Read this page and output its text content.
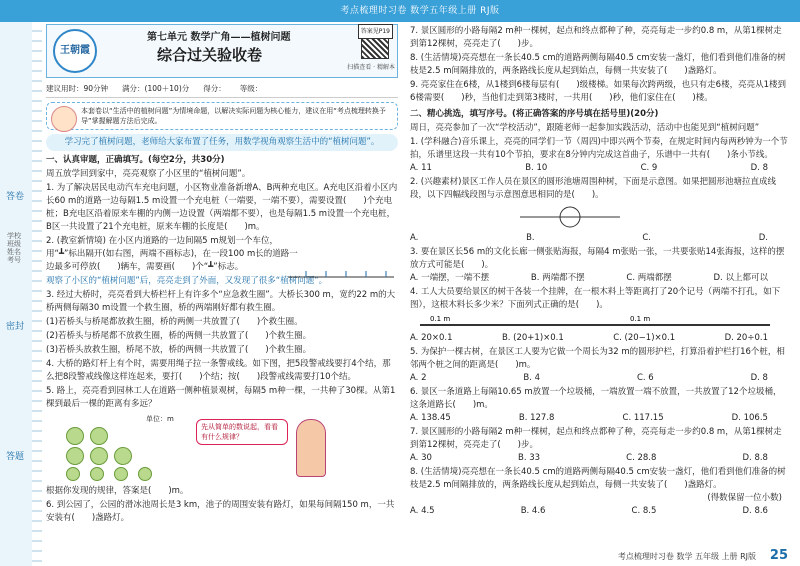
考点梳理时习卷 数学五年级上册 RJ版
答卷
密封
答题
学校 班级 姓名 考号
王朝霞
第七单元 数学广角——植树问题
综合过关验收卷
答案见P19
扫描查看 · 精解本
建议用时：90分钟 满分：(100＋10)分 得分： 等级：
本套卷以“生活中的植树问题”为情境命题，以解决实际问题为核心能力，建议在用“考点梳理转换予导”掌握解题方法后完成。
学习完了植树问题，老师给大家布置了任务，用数学视角观察生活中的“植树问题”。
一、认真审题，正确填写。(每空2分，共30分)
周五放学回到家中，亮亮观察了小区里的“植树问题”。
1. 为了解决居民电动汽车充电问题，小区物业准备新增A、B两种充电区。A充电区沿着小区内长60 m的道路一边每隔1.5 m设置一个充电桩（一端要，一端不要），需要设置(　　)个充电桩；B充电区沿着原来车棚的内侧一边设置（两端都不要），也是每隔1.5 m设置一个充电桩，B区一共设置了21个充电桩，原来车棚的长度是(　　)m。
2. (教室新情境) 在小区内道路的一边间隔5 m规划一个车位，用“┻”标出隔开(如右图，两端不画标志)，在一段100 m长的道路一边最多可停放(　　)辆车，需要画(　　)个“┻”标志。
观察了小区的“植树问题”后，亮亮走到了外面，又发现了很多“植树问题”。
3. 经过大桥时，亮亮看到大桥栏杆上有许多个“应急救生圈”。大桥长300 m，宽约22 m的大桥两侧每隔30 m设置一个救生圈，桥的两端刚好都有救生圈。
(1)若桥头与桥尾都放救生圈，桥的两侧一共放置了(　　)个救生圈。
(2)若桥头与桥尾都不放救生圈，桥的两侧一共放置了(　　)个救生圈。
(3)若桥头放救生圈，桥尾不放，桥的两侧一共放置了(　　)个救生圈。
4. 大桥的路灯杆上有个时，需要用绳子拉一条警戒线。如下图，把5段警戒线要打4个结，那么把8段警戒线像这样连起来，要打(　　)个结；按(　　)段警戒线需要打10个结。
5. 路上，亮亮看到园林工人在道路一侧种植景观树，每隔5 m种一棵，一共种了30棵。从第1棵到最后一棵的距离有多远？
单位：m
先从简单的数说起，看看有什么规律？
根据你发现的规律，答案是(　　)m。
6. 到公园了，公园的滑冰池周长是3 km，池子的周围安装有路灯，如果每间隔150 m，一共安装有(　　)盏路灯。
7. 景区圆形的小路每隔2 m种一棵树，起点和终点都种了种，亮亮每走一步约0.8 m，从第1棵树走到第12棵树，亮亮走了(　　)步。
8. (生活情境)亮亮想在一条长40.5 cm的道路两侧每隔40.5 cm安装一盏灯，他们看到他们准备的树枝是2.5 m间隔排放的，两条路线长度从起到始点，每侧一共安装了(　　)盏路灯。
9. 亮亮家住在6楼，从1楼到6楼每层有(　　)级楼梯。如果每次跨两级，也只有走6楼，亮亮从1楼到6楼需要(　　)秒，当他们走到第3楼时，一共用(　　)秒，他们家住在(　　)楼。
二、精心挑选，填写序号。(将正确答案的序号填在括号里)(20分)
周日，亮亮参加了一次“学校活动”，跟随老师一起参加实践活动，活动中也能见到“植树问题”
1. (学科融合)音乐课上，亮亮的同学们一节（周四)中即兴两个节奏，在规定时间内每两秒钟为一个节拍，乐谱里这段一共有10个节拍，要求在8分钟内完成这首曲子，乐谱中一共有(　　)条小节线。
A. 11	B. 10	C. 9	D. 8
2. (兴趣素材)景区工作人员在景区的圆形池塘周围种树，下面是示意图。如果把圆形池塘拉直成线段，以下四幅线段图与示意图意思相同的是(　　)。
A.	B.	C.	D.
3. 要在景区长56 m的文化长廊一侧张贴海报，每隔4 m张贴一张，一共要张贴14张海报，这样的摆放方式可能是(　　)。
A. 一端摆，一端不摆	B. 两端都不摆	C. 两端都摆	D. 以上都可以
4. 工人大员要给景区的树干各装一个挂牌，在一根木料上等距离打了20个记号（两端不打孔，如下图），这根木料长多少米？下面列式正确的是(　　)。
0.1 m	0.1 m
A. 20×0.1	B. (20+1)×0.1	C. (20−1)×0.1	D. 20÷0.1
5. 为保护一棵古树，在景区工人要为它做一个周长为32 m的圆形护栏，打算沿着护栏打16个桩，相邻两个桩之间的距离是(　　)m。
A. 2	B. 4	C. 6	D. 8
6. 景区一条道路上每隔10.65 m放置一个垃圾桶，一端放置一端不放置，一共放置了12个垃圾桶，这条道路长(　　)m。
A. 138.45	B. 127.8	C. 117.15	D. 106.5
7. 景区圆形的小路每隔2 m种一棵树，起点和终点都种了种，亮亮每走一步约0.8 m，从第1棵树走到第12棵树，亮亮走了(　　)步。
A. 30	B. 33	C. 28.8	D. 8.8
8. (生活情境)亮亮想在一条长40.5 cm的道路两侧每隔40.5 cm安装一盏灯，他们看到他们准备的树枝是2.5 m间隔排放的，两条路线长度从起到始点，每侧一共安装了(　　)盏路灯。
(得数保留一位小数)
A. 4.5	B. 4.6	C. 8.5	D. 8.6
考点梳理时习卷 数学 五年级 上册 RJ版 25
